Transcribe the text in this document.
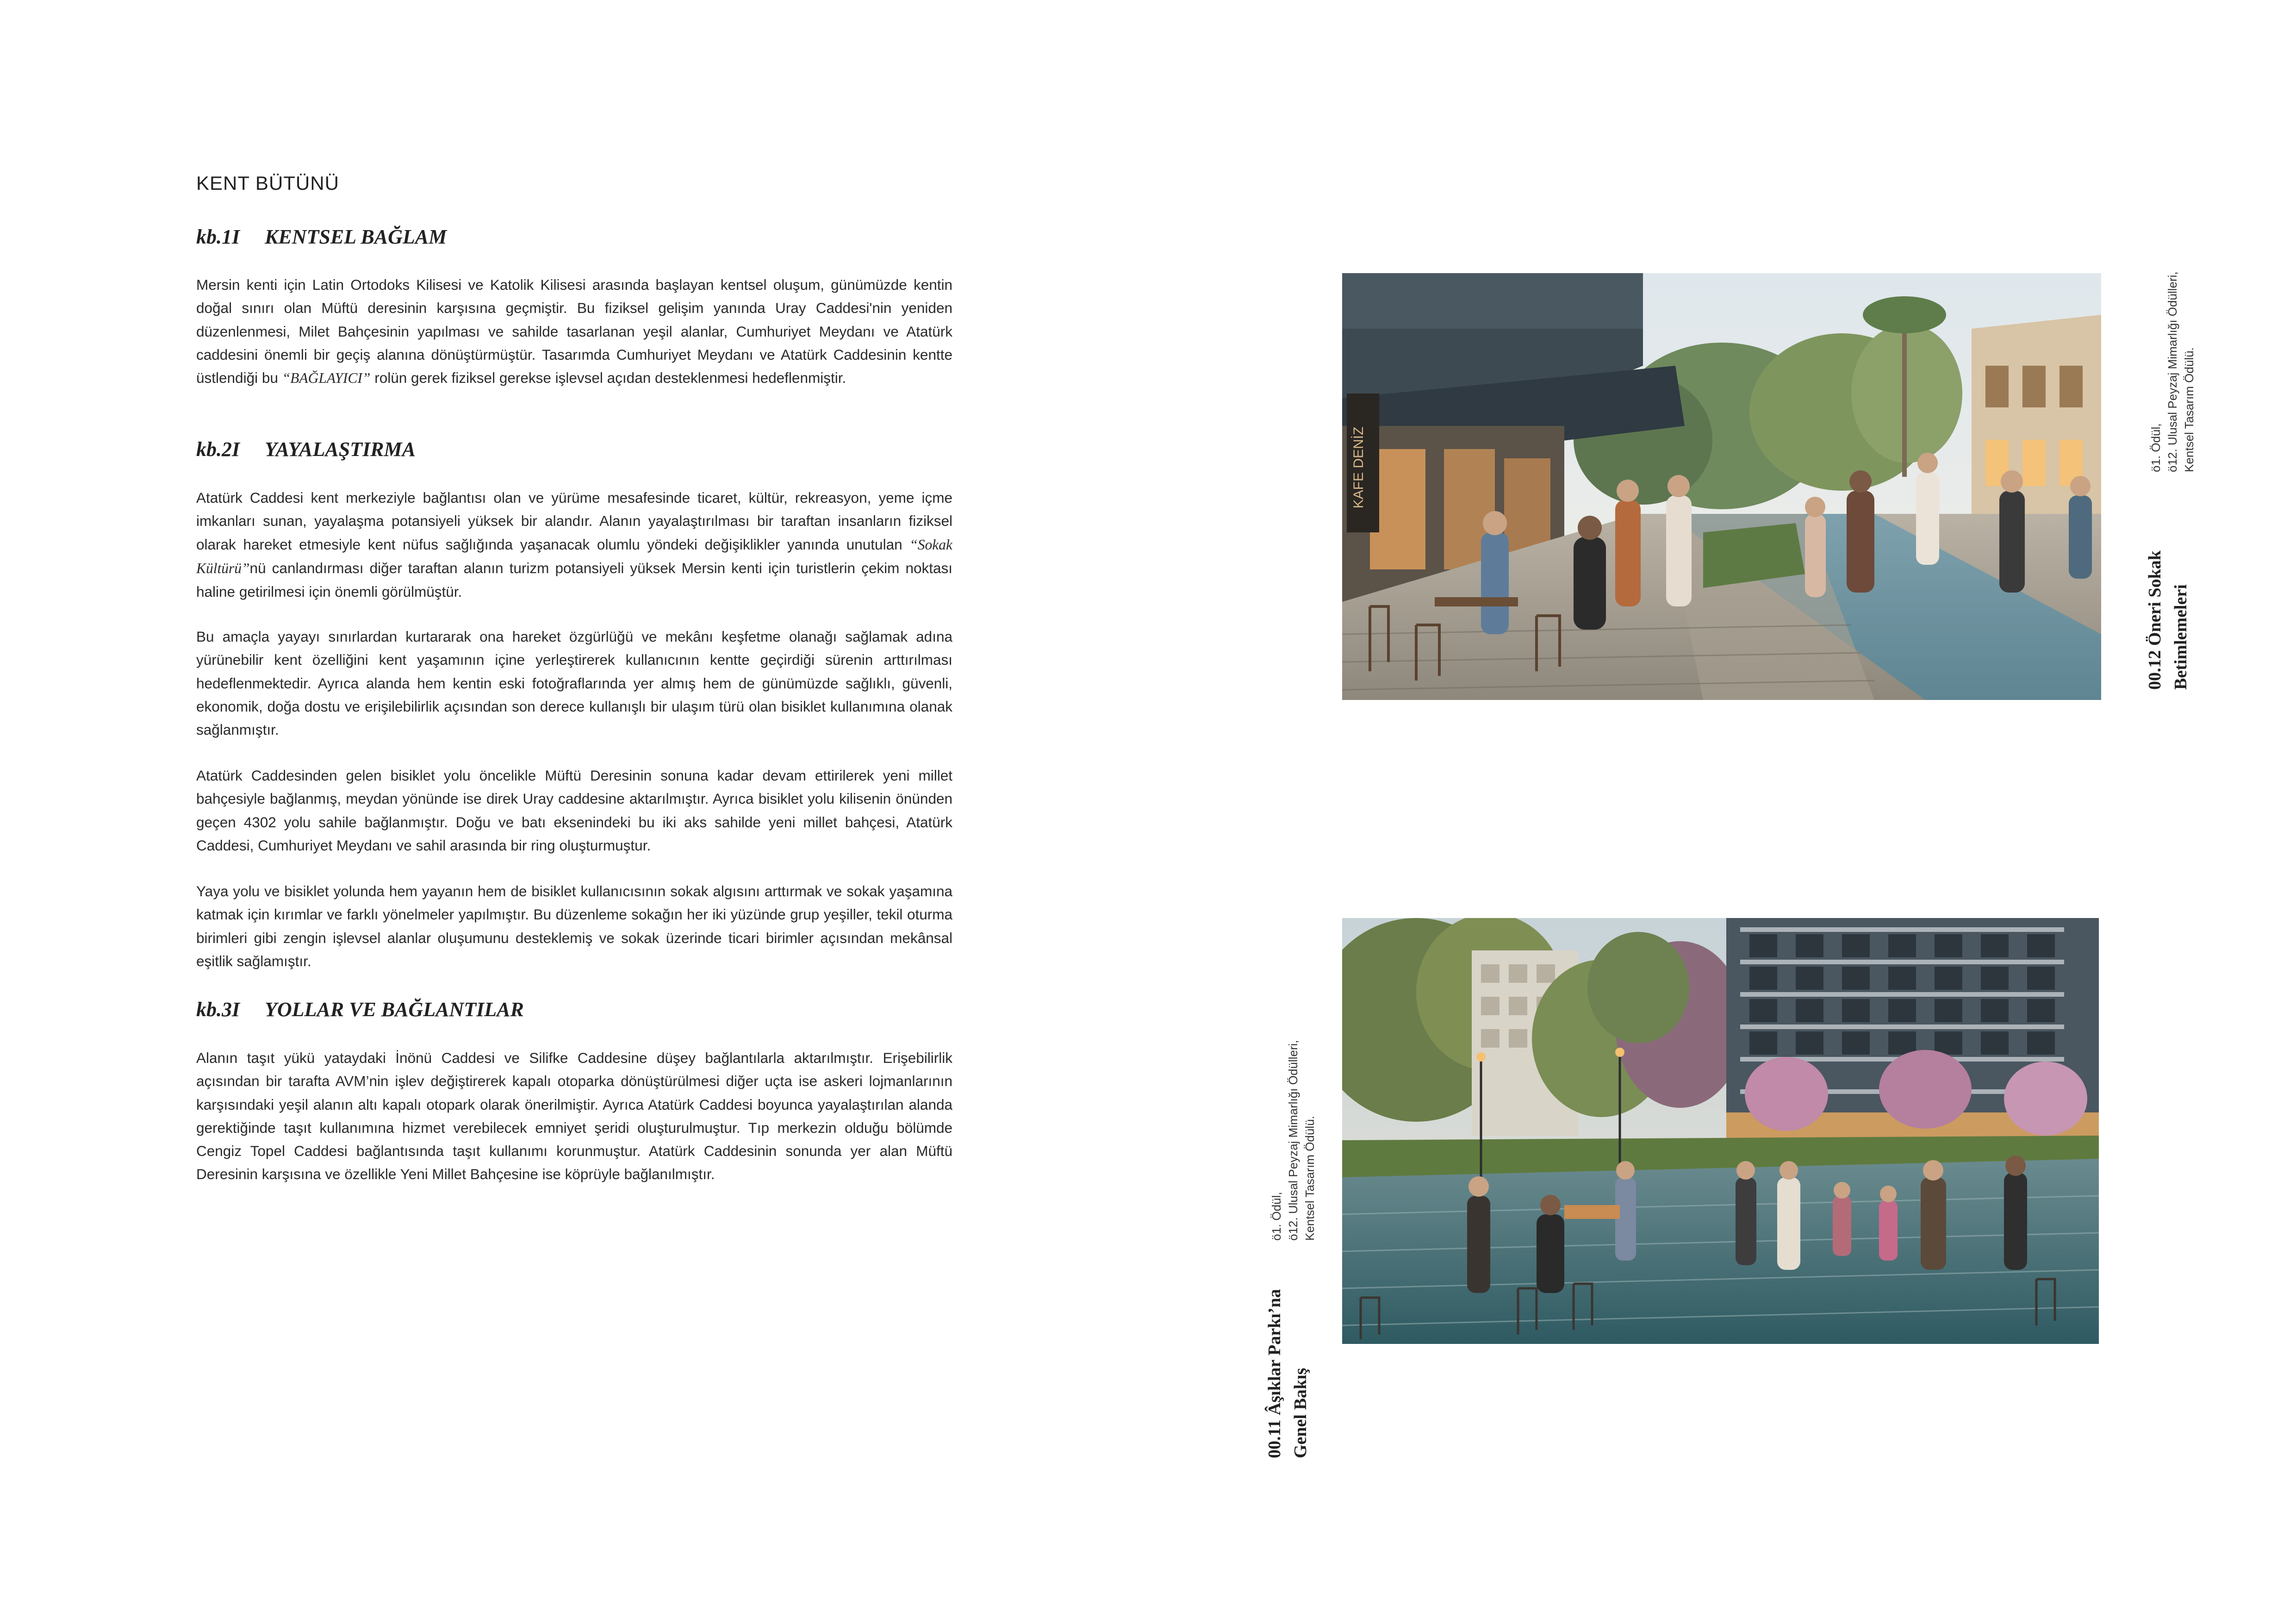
KENT BÜTÜNÜ
kb.1I KENTSEL BAĞLAM

Mersin kenti için Latin Ortodoks Kilisesi ve Katolik Kilisesi arasında başlayan kentsel oluşum, günümüzde kentin doğal sınırı olan Müftü deresinin karşısına geçmiştir. Bu fiziksel gelişim yanında Uray Caddesi'nin yeniden düzenlenmesi, Milet Bahçesinin yapılması ve sahilde tasarlanan yeşil alanlar, Cumhuriyet Meydanı ve Atatürk caddesini önemli bir geçiş alanına dönüştürmüştür. Tasarımda Cumhuriyet Meydanı ve Atatürk Caddesinin kentte üstlendiği bu “BAĞLAYICI” rolün gerek fiziksel gerekse işlevsel açıdan desteklenmesi hedeflenmiştir.

kb.2I YAYALAŞTIRMA

Atatürk Caddesi kent merkeziyle bağlantısı olan ve yürüme mesafesinde ticaret, kültür, rekreasyon, yeme içme imkanları sunan, yayalaşma potansiyeli yüksek bir alandır. Alanın yayalaştırılması bir taraftan insanların fiziksel olarak hareket etmesiyle kent nüfus sağlığında yaşanacak olumlu yöndeki değişiklikler yanında unutulan “Sokak Kültürü”nü canlandırması diğer taraftan alanın turizm potansiyeli yüksek Mersin kenti için turistlerin çekim noktası haline getirilmesi için önemli görülmüştür.

Bu amaçla yayayı sınırlardan kurtararak ona hareket özgürlüğü ve mekânı keşfetme olanağı sağlamak adına yürünebilir kent özelliğini kent yaşamının içine yerleştirerek kullanıcının kentte geçirdiği sürenin arttırılması hedeflenmektedir. Ayrıca alanda hem kentin eski fotoğraflarında yer almış hem de günümüzde sağlıklı, güvenli, ekonomik, doğa dostu ve erişilebilirlik açısından son derece kullanışlı bir ulaşım türü olan bisiklet kullanımına olanak sağlanmıştır.

Atatürk Caddesinden gelen bisiklet yolu öncelikle Müftü Deresinin sonuna kadar devam ettirilerek yeni millet bahçesiyle bağlanmış, meydan yönünde ise direk Uray caddesine aktarılmıştır. Ayrıca bisiklet yolu kilisenin önünden geçen 4302 yolu sahile bağlanmıştır. Doğu ve batı eksenindeki bu iki aks sahilde yeni millet bahçesi, Atatürk Caddesi, Cumhuriyet Meydanı ve sahil arasında bir ring oluşturmuştur.

Yaya yolu ve bisiklet yolunda hem yayanın hem de bisiklet kullanıcısının sokak algısını arttırmak ve sokak yaşamına katmak için kırımlar ve farklı yönelmeler yapılmıştır. Bu düzenleme sokağın her iki yüzünde grup yeşiller, tekil oturma birimleri gibi zengin işlevsel alanlar oluşumunu desteklemiş ve sokak üzerinde ticari birimler açısından mekânsal eşitlik sağlamıştır.

kb.3I YOLLAR VE BAĞLANTILAR

Alanın taşıt yükü yataydaki İnönü Caddesi ve Silifke Caddesine düşey bağlantılarla aktarılmıştır. Erişebilirlik açısından bir tarafta AVM’nin işlev değiştirerek kapalı otoparka dönüştürülmesi diğer uçta ise askeri lojmanlarının karşısındaki yeşil alanın altı kapalı otopark olarak önerilmiştir. Ayrıca Atatürk Caddesi boyunca yayalaştırılan alanda gerektiğinde taşıt kullanımına hizmet verebilecek emniyet şeridi oluşturulmuştur. Tıp merkezin olduğu bölümde Cengiz Topel Caddesi bağlantısında taşıt kullanımı korunmuştur. Atatürk Caddesinin sonunda yer alan Müftü Deresinin karşısına ve özellikle Yeni Millet Bahçesine ise köprüyle bağlanılmıştır.

KAFE DENİZ
00.12 Öneri Sokak Betimlemeleri
ö1. Ödül, ö12. Ulusal Peyzaj Mimarlığı Ödülleri, Kentsel Tasarım Ödülü.
00.11 Âşıklar Parkı’na Genel Bakış
ö1. Ödül, ö12. Ulusal Peyzaj Mimarlığı Ödülleri, Kentsel Tasarım Ödülü.
